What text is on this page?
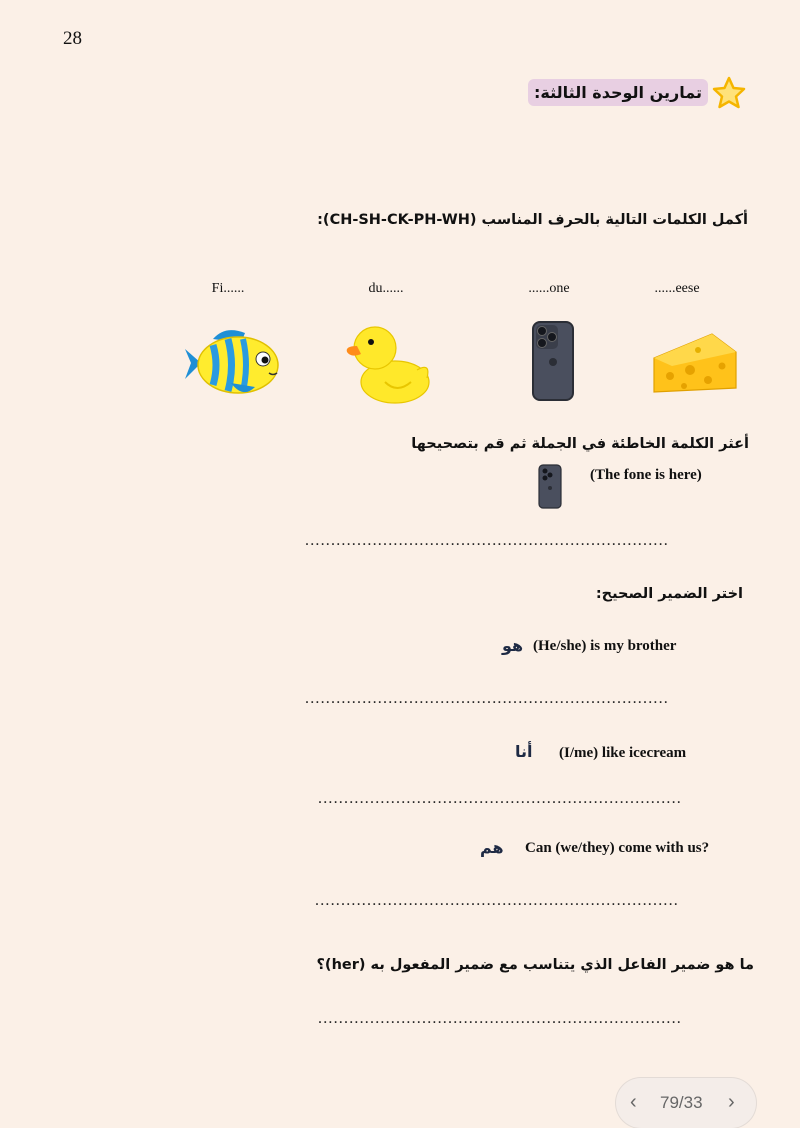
28
تمارين الوحدة الثالثة:
أكمل الكلمات التالية بالحرف المناسب (CH-SH-CK-PH-WH):
Fi......	du......	......one	......eese
أعثر الكلمة الخاطئة في الجملة ثم قم بتصحيحها
(The fone is here)
......................................................................
اختر الضمير الصحيح:
هو (He/she) is my brother
......................................................................
أنا (I/me) like icecream
......................................................................
هم Can (we/they) come with us?
......................................................................
ما هو ضمير الفاعل الذي يتناسب مع ضمير المفعول به (her)؟
......................................................................
‹ 79/33 ›
